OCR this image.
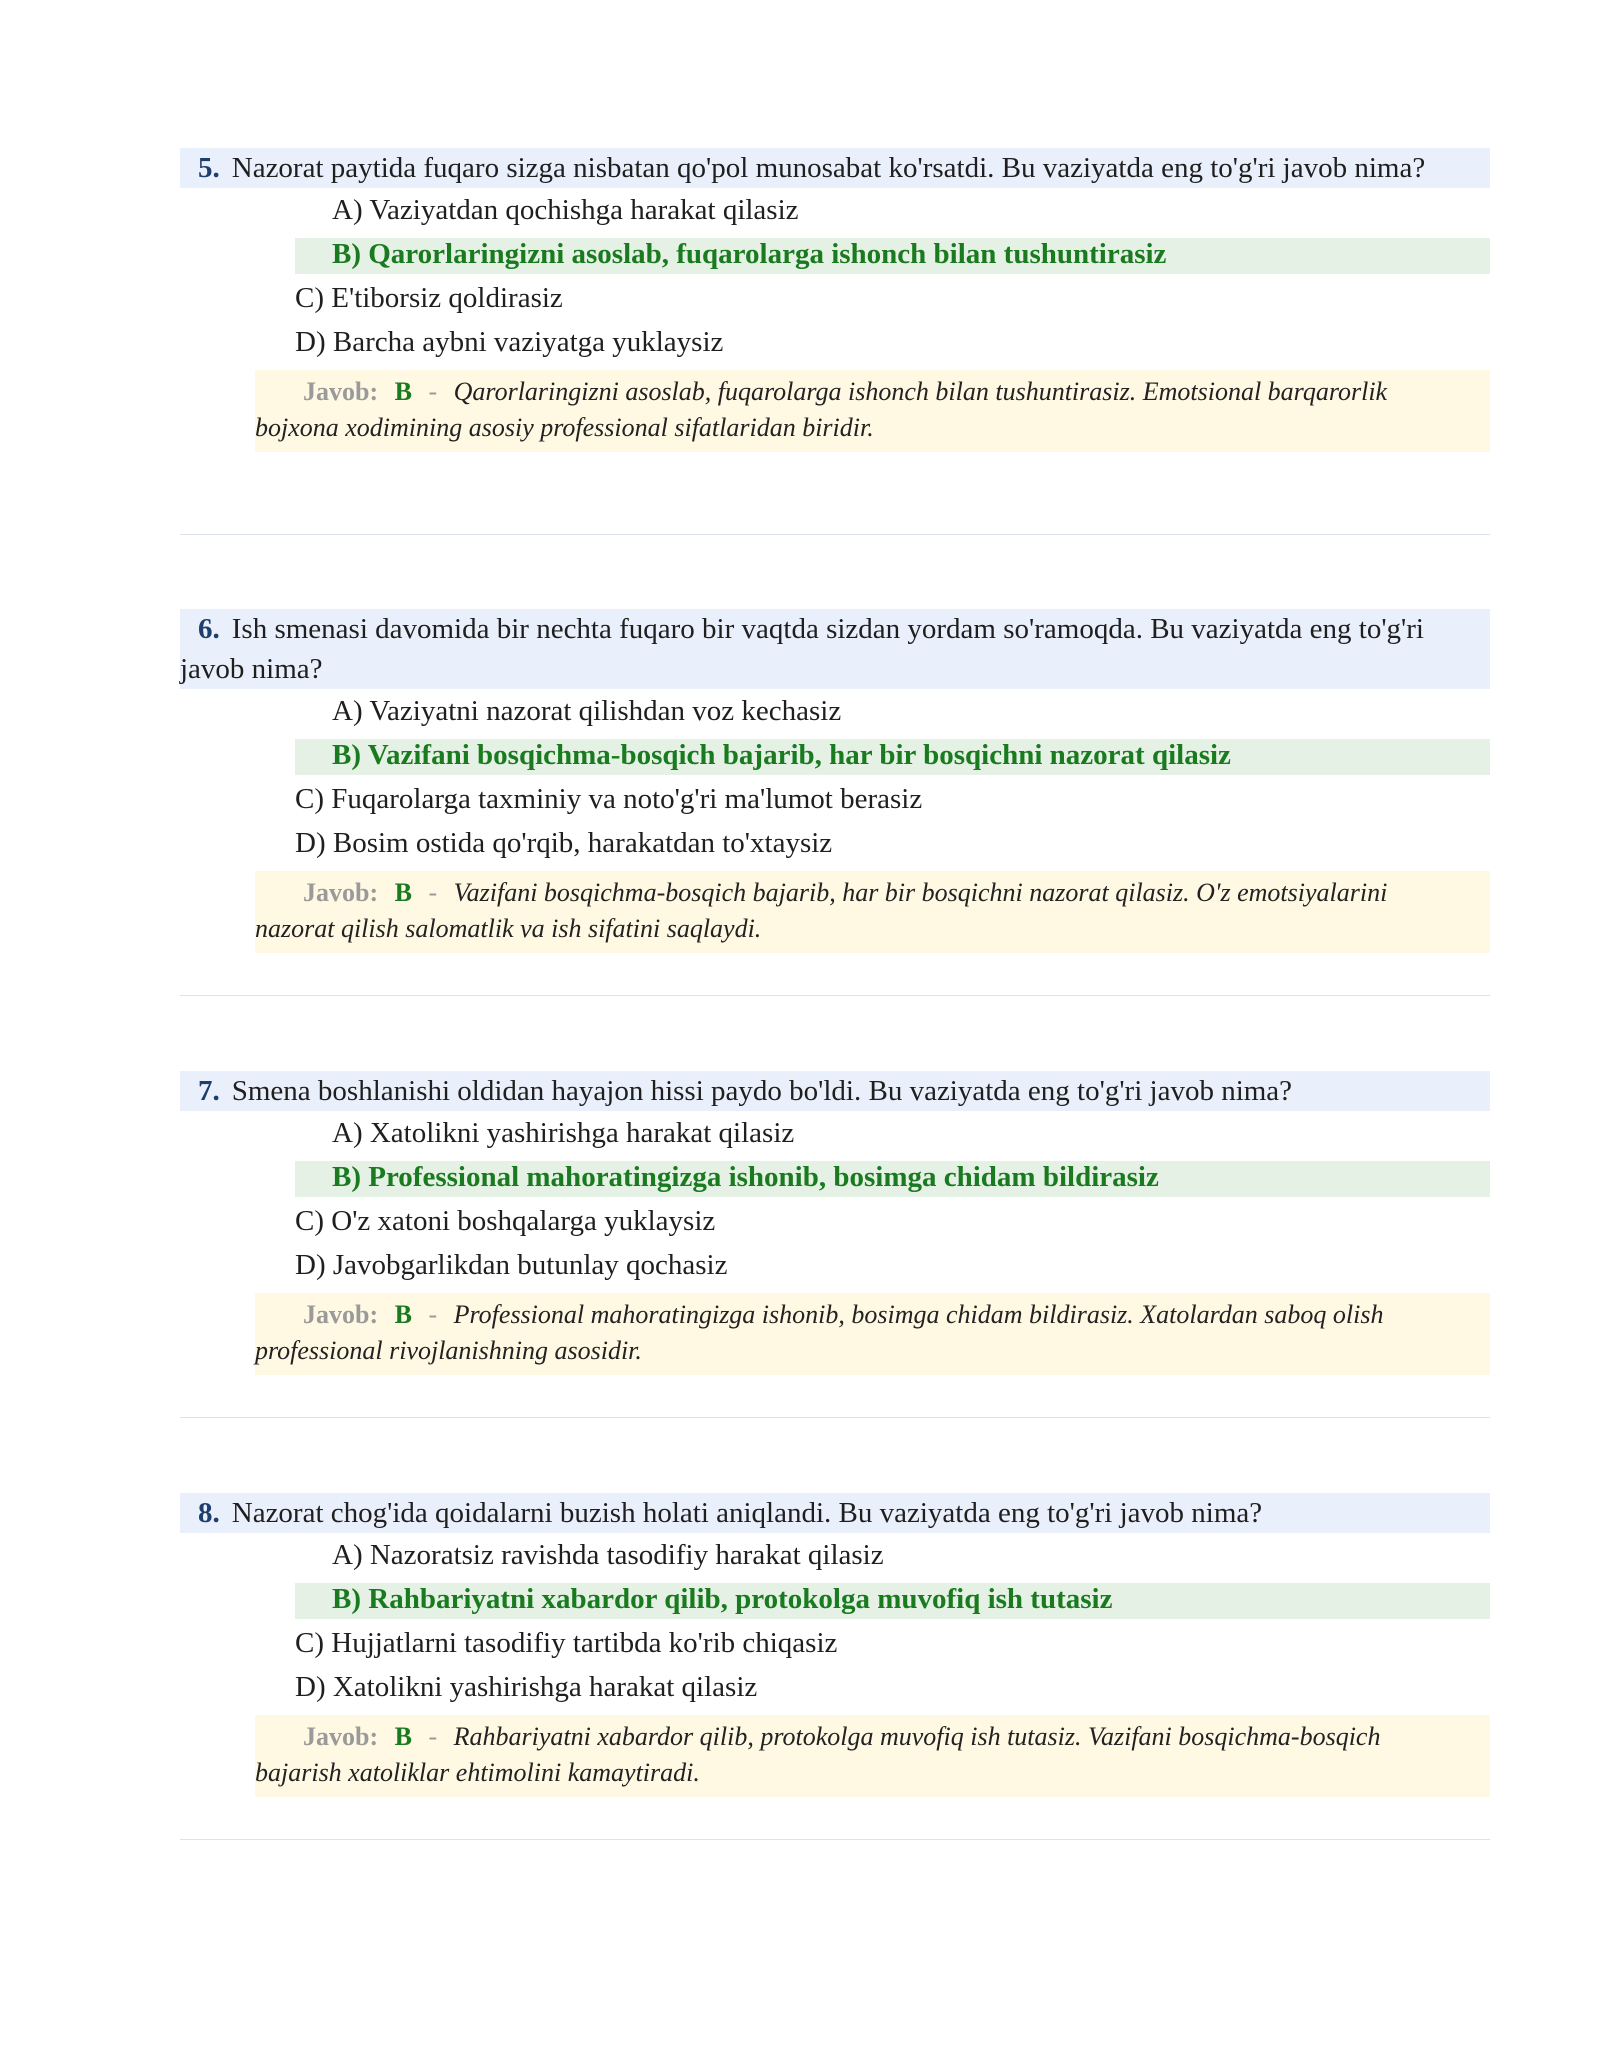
5. Nazorat paytida fuqaro sizga nisbatan qo'pol munosabat ko'rsatdi. Bu vaziyatda eng to'g'ri javob nima?
A) Vaziyatdan qochishga harakat qilasiz
B) Qarorlaringizni asoslab, fuqarolarga ishonch bilan tushuntirasiz
C) E'tiborsiz qoldirasiz
D) Barcha aybni vaziyatga yuklaysiz
Javob: B - Qarorlaringizni asoslab, fuqarolarga ishonch bilan tushuntirasiz. Emotsional barqarorlik bojxona xodimining asosiy professional sifatlaridan biridir.
6. Ish smenasi davomida bir nechta fuqaro bir vaqtda sizdan yordam so'ramoqda. Bu vaziyatda eng to'g'ri javob nima?
A) Vaziyatni nazorat qilishdan voz kechasiz
B) Vazifani bosqichma-bosqich bajarib, har bir bosqichni nazorat qilasiz
C) Fuqarolarga taxminiy va noto'g'ri ma'lumot berasiz
D) Bosim ostida qo'rqib, harakatdan to'xtaysiz
Javob: B - Vazifani bosqichma-bosqich bajarib, har bir bosqichni nazorat qilasiz. O'z emotsiyalarini nazorat qilish salomatlik va ish sifatini saqlaydi.
7. Smena boshlanishi oldidan hayajon hissi paydo bo'ldi. Bu vaziyatda eng to'g'ri javob nima?
A) Xatolikni yashirishga harakat qilasiz
B) Professional mahoratingizga ishonib, bosimga chidam bildirasiz
C) O'z xatoni boshqalarga yuklaysiz
D) Javobgarlikdan butunlay qochasiz
Javob: B - Professional mahoratingizga ishonib, bosimga chidam bildirasiz. Xatolardan saboq olish professional rivojlanishning asosidir.
8. Nazorat chog'ida qoidalarni buzish holati aniqlandi. Bu vaziyatda eng to'g'ri javob nima?
A) Nazoratsiz ravishda tasodifiy harakat qilasiz
B) Rahbariyatni xabardor qilib, protokolga muvofiq ish tutasiz
C) Hujjatlarni tasodifiy tartibda ko'rib chiqasiz
D) Xatolikni yashirishga harakat qilasiz
Javob: B - Rahbariyatni xabardor qilib, protokolga muvofiq ish tutasiz. Vazifani bosqichma-bosqich bajarish xatoliklar ehtimolini kamaytiradi.
